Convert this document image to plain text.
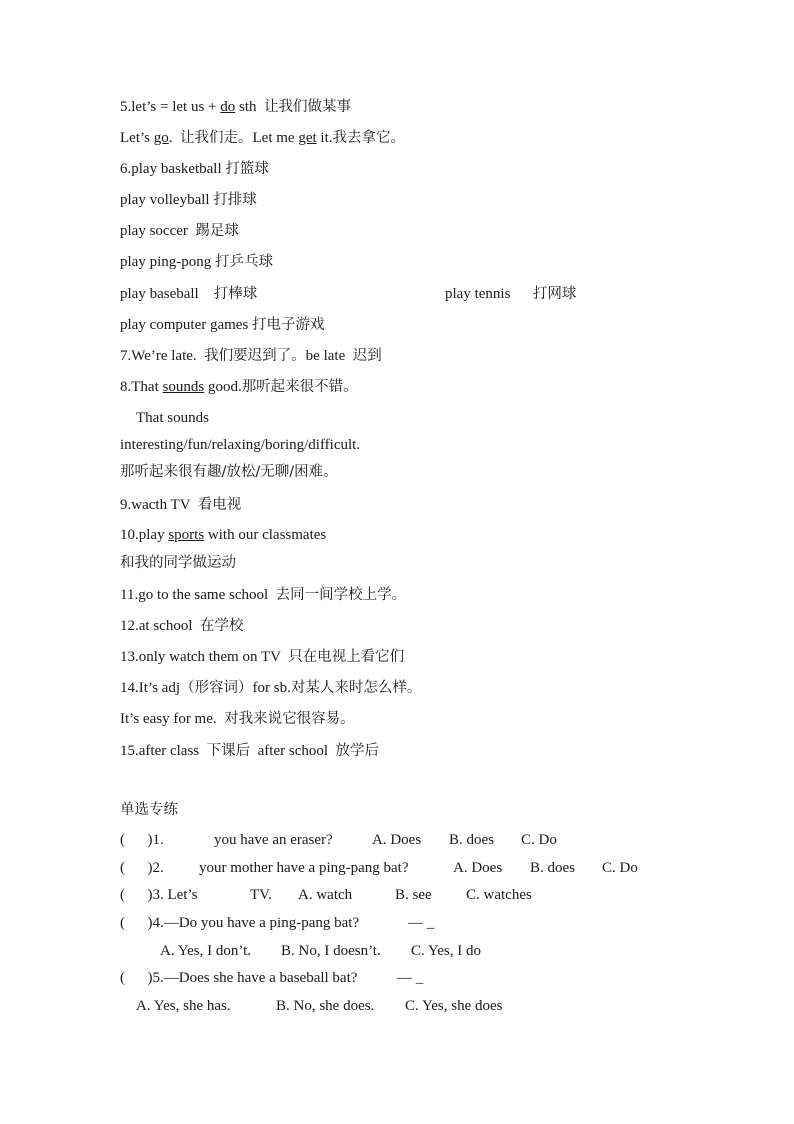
5.let’s = let us + do sth  让我们做某事
Let’s go.  让我们走。Let me get it.我去拿它。
6.play basketball 打篮球
play volleyball 打排球
play soccer  踢足球
play ping-pong 打乒乓球
play baseball    打棒球	play tennis      打网球
play computer games 打电子游戏
7.We’re late.  我们要迟到了。be late  迟到
8.That sounds good.那听起来很不错。
That sounds
interesting/fun/relaxing/boring/difficult.
那听起来很有趣/放松/无聊/困难。
9.wacth TV  看电视
10.play sports with our classmates
和我的同学做运动
11.go to the same school  去同一间学校上学。
12.at school  在学校
13.only watch them on TV  只在电视上看它们
14.It’s adj（形容词）for sb.对某人来时怎么样。
It’s easy for me.  对我来说它很容易。
15.after class  下课后  after school  放学后
单选专练
(      )1.	you have an eraser?	A. Does B. does C. Do
(      )2. your mother have a ping-pang bat?	A. Does B. does C. Do
(      )3. Let’s	TV. A. watch	B. see C. watches
(      )4.—Do you have a ping-pang bat?	— _
A. Yes, I don’t. B. No, I doesn’t. C. Yes, I do
(      )5.—Does she have a baseball bat?	— _
A. Yes, she has.	B. No, she does. C. Yes, she does
